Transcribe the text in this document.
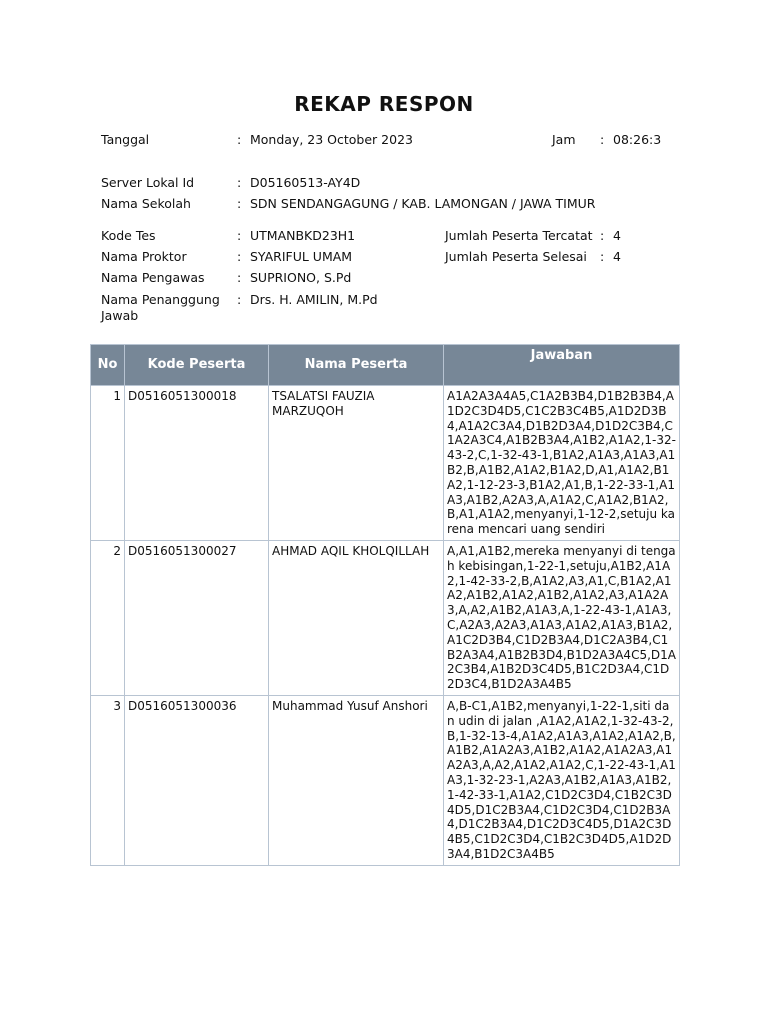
REKAP RESPON
Tanggal	: Monday, 23 October 2023	Jam : 08:26:3
Server Lokal Id	: D05160513-AY4D
Nama Sekolah	: SDN SENDANGAGUNG / KAB. LAMONGAN / JAWA TIMUR
Kode Tes	: UTMANBKD23H1	Jumlah Peserta Tercatat : 4
Nama Proktor	: SYARIFUL UMAM	Jumlah Peserta Selesai : 4
Nama Pengawas	: SUPRIONO, S.Pd
Nama Penanggung Jawab
: Drs. H. AMILIN, M.Pd
No	Kode Peserta	Nama Peserta	Jawaban
1	D0516051300018	TSALATSI FAUZIA MARZUQOH	A1A2A3A4A5,C1A2B3B4,D1B2B3B4,A1D2C3D4D5,C1C2B3C4B5,A1D2D3B4,A1A2C3A4,D1B2D3A4,D1D2C3B4,C1A2A3C4,A1B2B3A4,A1B2,A1A2,1-32-43-2,C,1-32-43-1,B1A2,A1A3,A1A3,A1B2,B,A1B2,A1A2,B1A2,D,A1,A1A2,B1A2,1-12-23-3,B1A2,A1,B,1-22-33-1,A1A3,A1B2,A2A3,A,A1A2,C,A1A2,B1A2, B,A1,A1A2,menyanyi,1-12-2,setuju karena mencari uang sendiri
2	D0516051300027	AHMAD AQIL KHOLQILLAH	A,A1,A1B2,mereka menyanyi di tengah kebisingan,1-22-1,setuju,A1B2,A1A2,1-42-33-2,B,A1A2,A3,A1,C,B1A2,A1A2,A1B2,A1A2,A1B2,A1A2,A3,A1A2A3,A,A2,A1B2,A1A3,A,1-22-43-1,A1A3,C,A2A3,A2A3,A1A3,A1A2,A1A3,B1A2,A1C2D3B4,C1D2B3A4,D1C2A3B4,C1B2A3A4,A1B2B3D4,B1D2A3A4C5,D1A2C3B4,A1B2D3C4D5,B1C2D3A4,C1D2D3C4,B1D2A3A4B5
3	D0516051300036	Muhammad Yusuf Anshori	A,B-C1,A1B2,menyanyi,1-22-1,siti dan udin di jalan ,A1A2,A1A2,1-32-43-2,B,1-32-13-4,A1A2,A1A3,A1A2,A1A2,B,A1B2,A1A2A3,A1B2,A1A2,A1A2A3,A1A2A3,A,A2,A1A2,A1A2,C,1-22-43-1,A1A3,1-32-23-1,A2A3,A1B2,A1A3,A1B2,1-42-33-1,A1A2,C1D2C3D4,C1B2C3D4D5,D1C2B3A4,C1D2C3D4,C1D2B3A4,D1C2B3A4,D1C2D3C4D5,D1A2C3D4B5,C1D2C3D4,C1B2C3D4D5,A1D2D3A4,B1D2C3A4B5
